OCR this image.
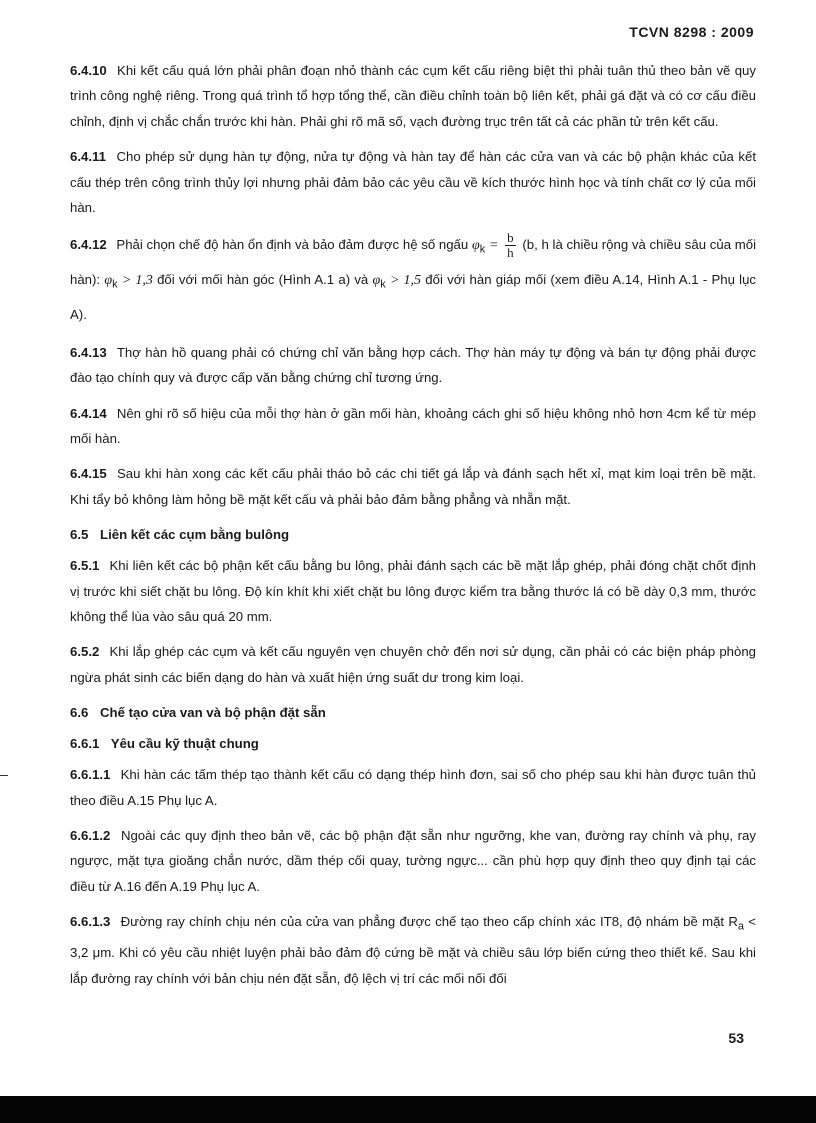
TCVN 8298 : 2009

6.4.10 Khi kết cấu quá lớn phải phân đoạn nhỏ thành các cụm kết cấu riêng biệt thì phải tuân thủ theo bản vẽ quy trình công nghệ riêng. Trong quá trình tổ hợp tổng thể, cần điều chỉnh toàn bộ liên kết, phải gá đặt và có cơ cấu điều chỉnh, định vị chắc chắn trước khi hàn. Phải ghi rõ mã số, vạch đường trục trên tất cả các phần tử trên kết cấu.

6.4.11 Cho phép sử dụng hàn tự động, nửa tự động và hàn tay để hàn các cửa van và các bộ phận khác của kết cấu thép trên công trình thủy lợi nhưng phải đảm bảo các yêu cầu về kích thước hình học và tính chất cơ lý của mối hàn.

6.4.12 Phải chọn chế độ hàn ổn định và bảo đảm được hệ số ngấu $\varphi_k = \frac{b}{h} (b$, h là chiều rộng và chiều sâu của mối hàn): $\varphi_k > 1,3$ đối với mối hàn góc (Hình A.1 a) và $\varphi_k > 1,5$ đối với hàn giáp mối (xem điều A.14, Hình A.1 - Phụ lục A).

6.4.13 Thợ hàn hồ quang phải có chứng chỉ văn bằng hợp cách. Thợ hàn máy tự động và bán tự động phải được đào tạo chính quy và được cấp văn bằng chứng chỉ tương ứng.

6.4.14 Nên ghi rõ số hiệu của mỗi thợ hàn ở gần mối hàn, khoảng cách ghi số hiệu không nhỏ hơn 4cm kể từ mép mối hàn.

6.4.15 Sau khi hàn xong các kết cấu phải tháo bỏ các chi tiết gá lắp và đánh sạch hết xỉ, mạt kim loại trên bề mặt. Khi tẩy bỏ không làm hỏng bề mặt kết cấu và phải bảo đảm bằng phẳng và nhẵn mặt.

6.5 Liên kết các cụm bằng bulông

6.5.1 Khi liên kết các bộ phận kết cấu bằng bu lông, phải đánh sạch các bề mặt lắp ghép, phải đóng chặt chốt định vị trước khi siết chặt bu lông. Độ kín khít khi xiết chặt bu lông được kiểm tra bằng thước lá có bề dày 0,3 mm, thước không thể lùa vào sâu quá 20 mm.

6.5.2 Khi lắp ghép các cụm và kết cấu nguyên vẹn chuyên chở đến nơi sử dụng, cần phải có các biện pháp phòng ngừa phát sinh các biến dạng do hàn và xuất hiện ứng suất dư trong kim loại.

6.6 Chế tạo cửa van và bộ phận đặt sẵn
6.6.1 Yêu cầu kỹ thuật chung

6.6.1.1 Khi hàn các tấm thép tạo thành kết cấu có dạng thép hình đơn, sai số cho phép sau khi hàn được tuân thủ theo điều A.15 Phụ lục A.

6.6.1.2 Ngoài các quy định theo bản vẽ, các bộ phận đặt sẵn như ngưỡng, khe van, đường ray chính và phụ, ray ngược, mặt tựa gioăng chắn nước, dầm thép cối quay, tường ngực... cần phù hợp quy định theo quy định tại các điều từ A.16 đến A.19 Phụ lục A.

6.6.1.3 Đường ray chính chịu nén của cửa van phẳng được chế tạo theo cấp chính xác IT8, độ nhám bề mặt $R_a < 3,2$ μm. Khi có yêu cầu nhiệt luyện phải bảo đảm độ cứng bề mặt và chiều sâu lớp biến cứng theo thiết kế. Sau khi lắp đường ray chính với bản chịu nén đặt sẵn, độ lệch vị trí các mối nối đối

53
